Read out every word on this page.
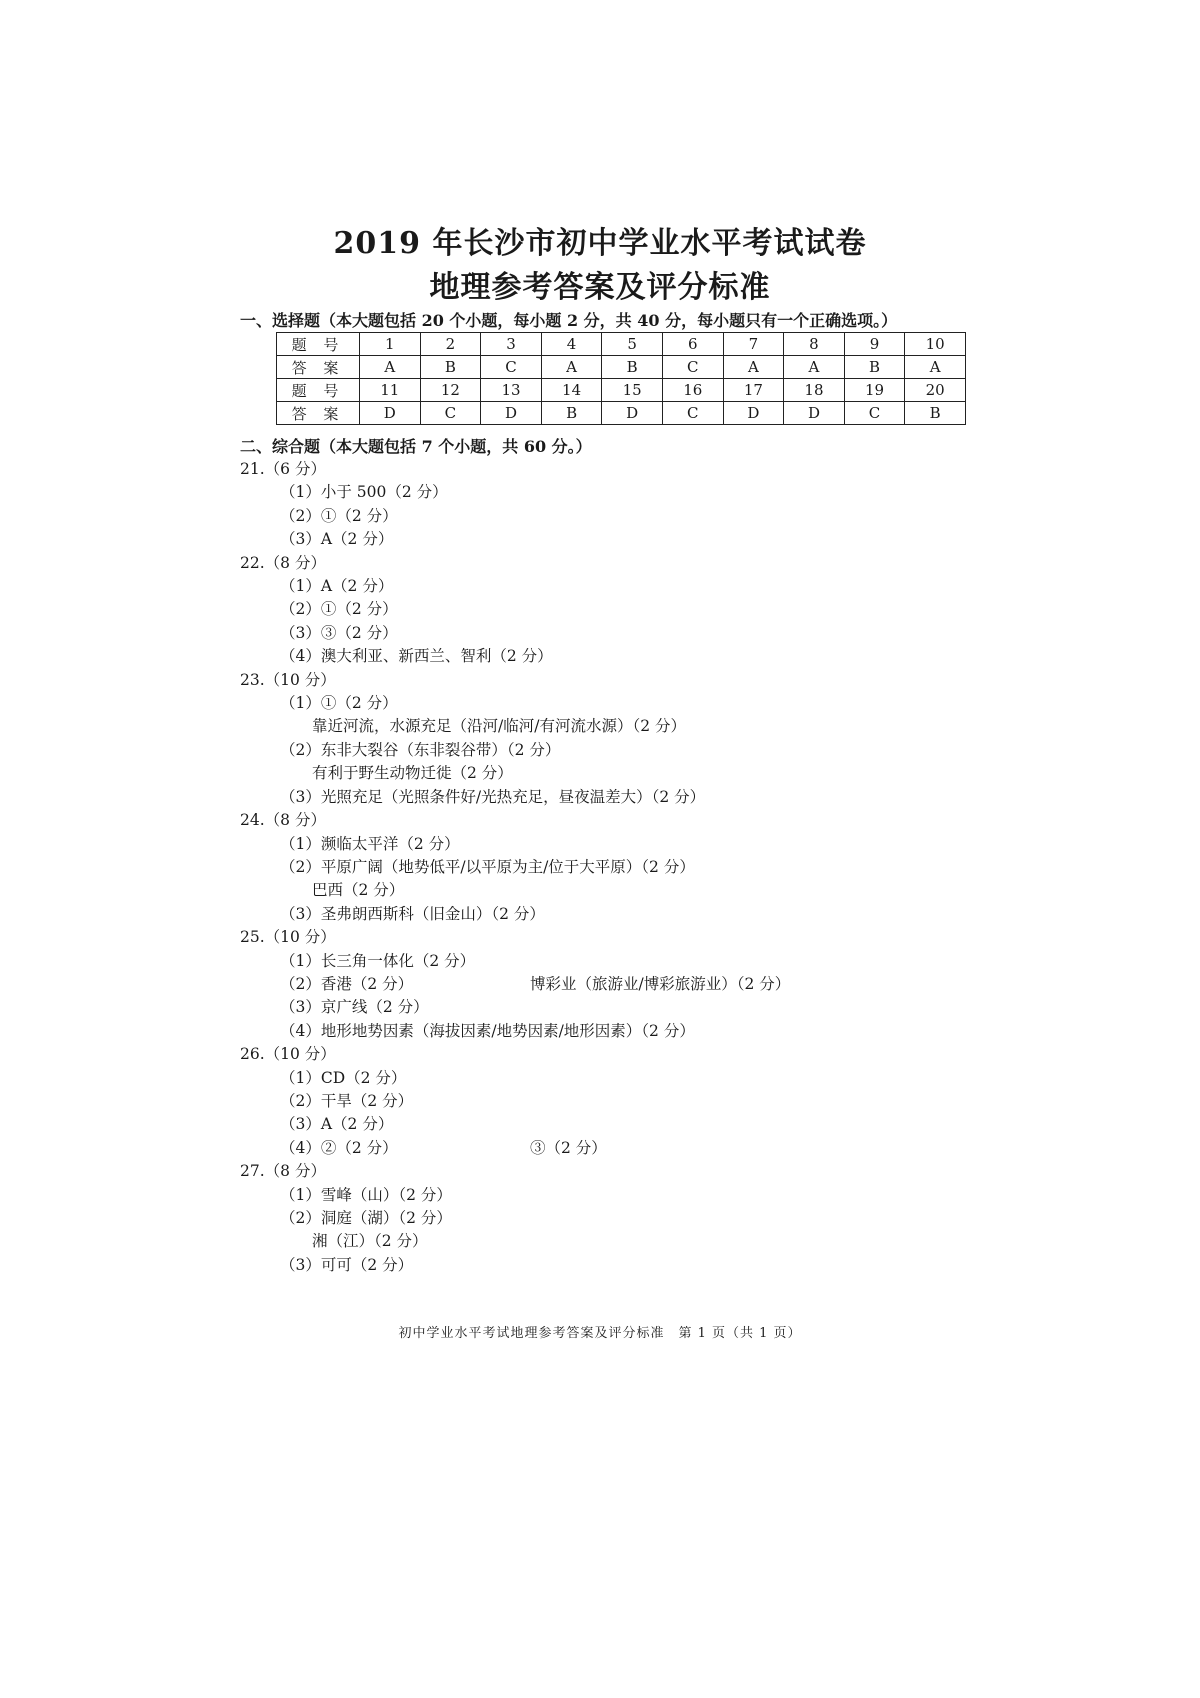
2019 年长沙市初中学业水平考试试卷
地理参考答案及评分标准
一、选择题（本大题包括 20 个小题，每小题 2 分，共 40 分，每小题只有一个正确选项。）
题 号	1	2	3	4	5	6	7	8	9	10
答 案	A	B	C	A	B	C	A	A	B	A
题 号	11	12	13	14	15	16	17	18	19	20
答 案	D	C	D	B	D	C	D	D	C	B
二、综合题（本大题包括 7 个小题，共 60 分。）
21.（6 分）
（1）小于 500（2 分）
（2）①（2 分）
（3）A（2 分）
22.（8 分）
（1）A（2 分）
（2）①（2 分）
（3）③（2 分）
（4）澳大利亚、新西兰、智利（2 分）
23.（10 分）
（1）①（2 分）
靠近河流，水源充足（沿河/临河/有河流水源）（2 分）
（2）东非大裂谷（东非裂谷带）（2 分）
有利于野生动物迁徙（2 分）
（3）光照充足（光照条件好/光热充足，昼夜温差大）（2 分）
24.（8 分）
（1）濒临太平洋（2 分）
（2）平原广阔（地势低平/以平原为主/位于大平原）（2 分）
巴西（2 分）
（3）圣弗朗西斯科（旧金山）（2 分）
25.（10 分）
（1）长三角一体化（2 分）
（2）香港（2 分）	博彩业（旅游业/博彩旅游业）（2 分）
（3）京广线（2 分）
（4）地形地势因素（海拔因素/地势因素/地形因素）（2 分）
26.（10 分）
（1）CD（2 分）
（2）干旱（2 分）
（3）A（2 分）
（4）②（2 分）	③（2 分）
27.（8 分）
（1）雪峰（山）（2 分）
（2）洞庭（湖）（2 分）
湘（江）（2 分）
（3）可可（2 分）
初中学业水平考试地理参考答案及评分标准　第 1 页（共 1 页）
